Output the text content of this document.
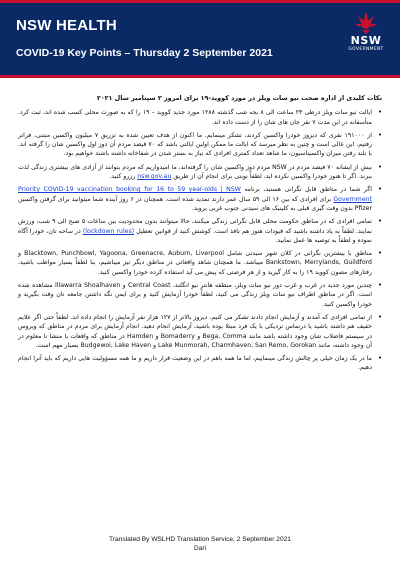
NSW HEALTH
COVID-19 Key Points – Thursday 2 September 2021
NSW
GOVERNMENT
نکات کلیدی از اداره صحت نیو سات ویلز در مورد کووید-۱۹ برای امروز ۲ سپتامبر سال ۲۰۲۱
•
ایالت نیو سات ویلز درطی ۲۴ ساعت الی ۸ بجه شب گذشته ۱۲۸۸ مورد جدید کووید – ۱۹ را که به صورت محلی کسب شده اند، ثبت کرد. متأسفانه در این مدت ۷ نفر جان های شان را از دست داده اند.
•
از ۱۹۱۰۰۰ نفری که دیروز خودرا واکسین کردند، تشکر مینمایم. ما اکنون از هدف تعیین شده به تزریق ۷ میلیون واکسین مبتنی، فراتر رفتیم. این عالی است و چنین به نظر میرسد که ایالت ما ممکن اولین ایالتی باشد که ۷۰ فیصد مردم آن دوز اول واکسین شان را گرفته اند. با بلند رفتن میزان واکسیناسیون، ما شاهد تعداد کمتری افرادی که نیاز به بستر شدن در شفاخانه داشته باشند خواهیم بود.
•
بیش از ایشانه ۷۰ فیصد مردم در NSW مردم دوز واکسین شان را گرفته‌اند، ما امیدواریم که مردم بتوانند از آزادی های بیشتری زندگی لذت ببرند. اگر تا هنوز خودرا واکسین نکرده اید، لطفاً نوبتی برای انجام آن از طریق nsw.gov.au رزرو کنید.
•
اگر شما در مناطق قابل نگرانی هستید، برنامه Priority COVID-19 vaccination booking for 16 to 59 year-olds | NSW Government برای افرادی که بین ۱۶ الی ۵۹ سال عمر دارند تمدید شده است. همچنان در ۶ روز آینده شما میتوانید برای گرفتن واکسین Pfizer بدون وقت گیری قبلی به کلینیک های سیدنی جنوب غربی بروید.
•
تمامی افرادی که در مناطق حکومت محلی قابل نگرانی زندگی میکنند، حالا میتوانند بدون محدودیت بین ساعات ۵ صبح الی ۹ شب، ورزش نمایند. لطفاً به یاد داشته باشید که قیودات هنوز هم نافذ است. کوشش کنید از قوانین تعطیل (lockdown rules) در ساحه تان، خودرا آگاه نموده و لطفاً به توصیه ها عمل نمایید.
•
مناطق با بیشترین نگرانی در کلان شهر سیدنی شامل Blacktown, Punchbowl, Yagoona, Greenacre, Auburn, Liverpool و Bankstown, Merrylands, Guildford میباشد. ما همچنان شاهد واقعاتی در مناطق دیگر نیز میباشیم، بنا لطفاً بسیار مواظب باشید، رفتارهای مصون کووید ۱۹ را به کار گیرید و از هر فرصتی که پیش می آید استفاده کرده خودرا واکسین کنید.
•
چندین مورد جدید در غرب و غرب دور نیو سات ویلز، منطقه هانتر نیو انگلند، Central Coast و Illawarra Shoalhaven مشاهده شده است. اگر در مناطق اطراف نیو سات ویلز زندگی می کنید، لطفاً خودرا آزمایش کنید و برای ایمن نگه داشتن جامعه تان وقت بگیرید و خودرا واکسین کنید.
•
از تمامی افرادی که آمدند و آزمایش انجام دادند تشکر می کنیم. دیروز بالاتر از ۱۲۷ هزار نفر آزمایش را انجام داده اند. لطفاً حتی اگر علایم خفیف هم داشته باشید یا درتماس نزدیکی با یک فرد مبتلا بوده باشید، آزمایش انجام دهید. انجام آزمایش برای مردم در مناطق که ویروس در سیستم فاضلاب شان وجود داشته باشد مانند Bega, Comma و Bomaderry و Hamden در مناطق که واقعات با منشا نا معلوم در آن وجود داشته، مانند Lake Munmorah, Charmhaven, San Remo, Gorokan و Budgewoi, Lake Haven بسیار مهم است.
•
ما در یک زمان خیلی پر چالش زندگی مینماییم، اما ما همه باهم در این وضعیت قرار داریم و ما همه مسؤولیت هایی داریم که باید آنرا انجام دهیم.
Translated By WSLHD Translation Service, 2 September 2021
Dari
